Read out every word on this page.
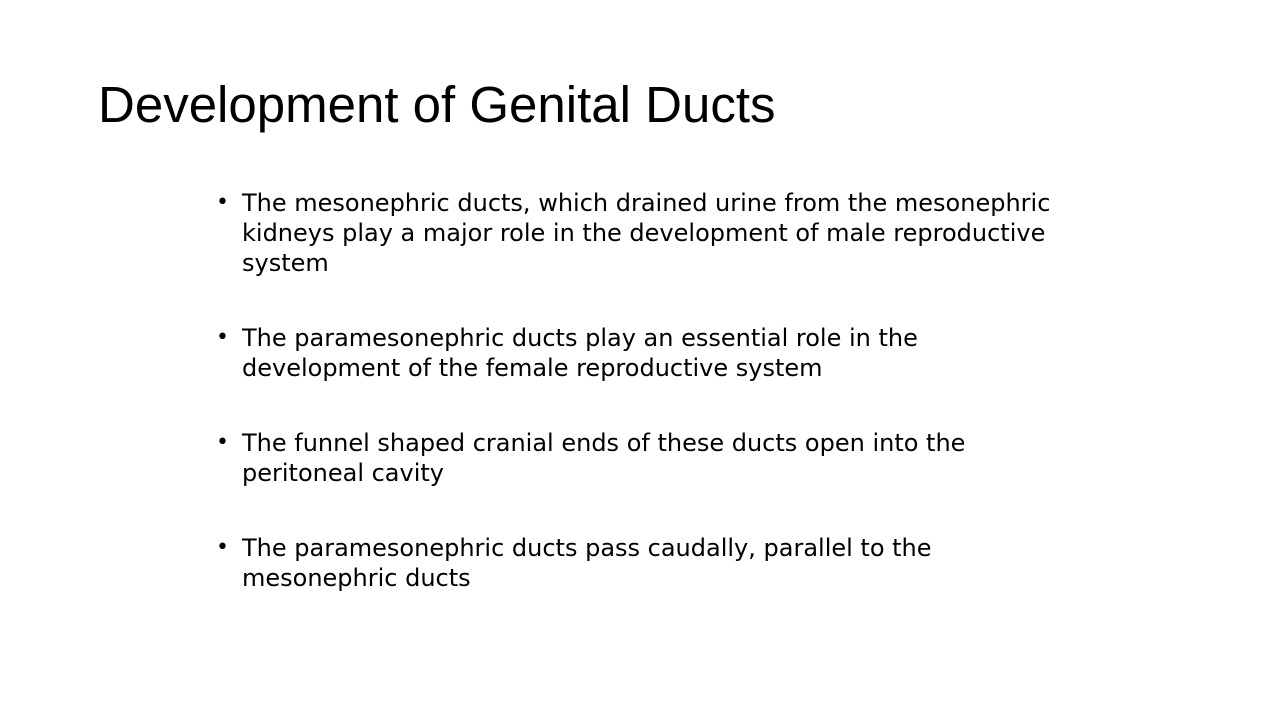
Development of Genital Ducts
• The mesonephric ducts, which drained urine from the mesonephric kidneys play a major role in the development of male reproductive system
• The paramesonephric ducts play an essential role in the development of the female reproductive system
• The funnel shaped cranial ends of these ducts open into the peritoneal cavity
• The paramesonephric ducts pass caudally, parallel to the mesonephric ducts
